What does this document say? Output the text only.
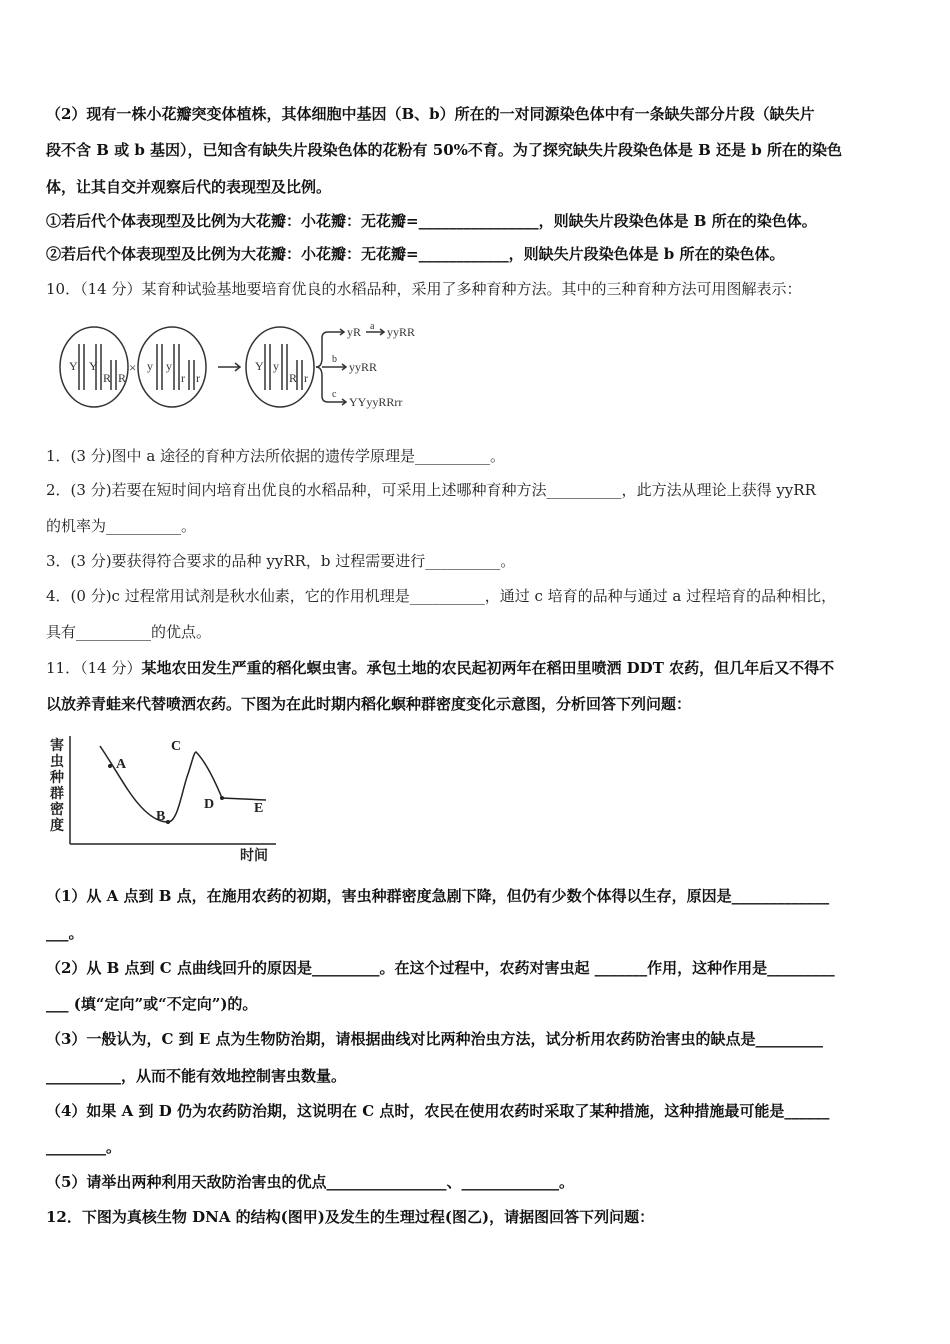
（2）现有一株小花瓣突变体植株，其体细胞中基因（B、b）所在的一对同源染色体中有一条缺失部分片段（缺失片
段不含 B 或 b 基因），已知含有缺失片段染色体的花粉有 50%不育。为了探究缺失片段染色体是 B 还是 b 所在的染色
体，让其自交并观察后代的表现型及比例。
①若后代个体表现型及比例为大花瓣：小花瓣：无花瓣=________________，则缺失片段染色体是 B 所在的染色体。
②若后代个体表现型及比例为大花瓣：小花瓣：无花瓣=____________，则缺失片段染色体是 b 所在的染色体。
10．（14 分）某育种试验基地要培育优良的水稻品种，采用了多种育种方法。其中的三种育种方法可用图解表示：
Y Y
R R
× y y
r r
Y y
R r
yR a yyRR
b
yyRR
c
YYyyRRrr
1．(3 分)图中 a 途径的育种方法所依据的遗传学原理是__________。
2．(3 分)若要在短时间内培育出优良的水稻品种，可采用上述哪种育种方法__________，此方法从理论上获得 yyRR
的机率为__________。
3．(3 分)要获得符合要求的品种 yyRR，b 过程需要进行__________。
4．(0 分)c 过程常用试剂是秋水仙素，它的作用机理是__________，通过 c 培育的品种与通过 a 过程培育的品种相比，
具有__________的优点。
11．（14 分）某地农田发生严重的稻化螟虫害。承包土地的农民起初两年在稻田里喷洒 DDT 农药，但几年后又不得不
以放养青蛙来代替喷洒农药。下图为在此时期内稻化螟种群密度变化示意图，分析回答下列问题：
害
虫
种
群
密
度
时间
A
B
C
D	E
（1）从 A 点到 B 点，在施用农药的初期，害虫种群密度急剧下降，但仍有少数个体得以生存，原因是_____________
___。
（2）从 B 点到 C 点曲线回升的原因是_________。在这个过程中，农药对害虫起 _______作用，这种作用是_________
___ (填“定向”或“不定向”)的。
（3）一般认为，C 到 E 点为生物防治期，请根据曲线对比两种治虫方法，试分析用农药防治害虫的缺点是_________
__________，从而不能有效地控制害虫数量。
（4）如果 A 到 D 仍为农药防治期，这说明在 C 点时，农民在使用农药时采取了某种措施，这种措施最可能是______
________。
（5）请举出两种利用天敌防治害虫的优点________________、_____________。
12．下图为真核生物 DNA 的结构(图甲)及发生的生理过程(图乙)，请据图回答下列问题：
